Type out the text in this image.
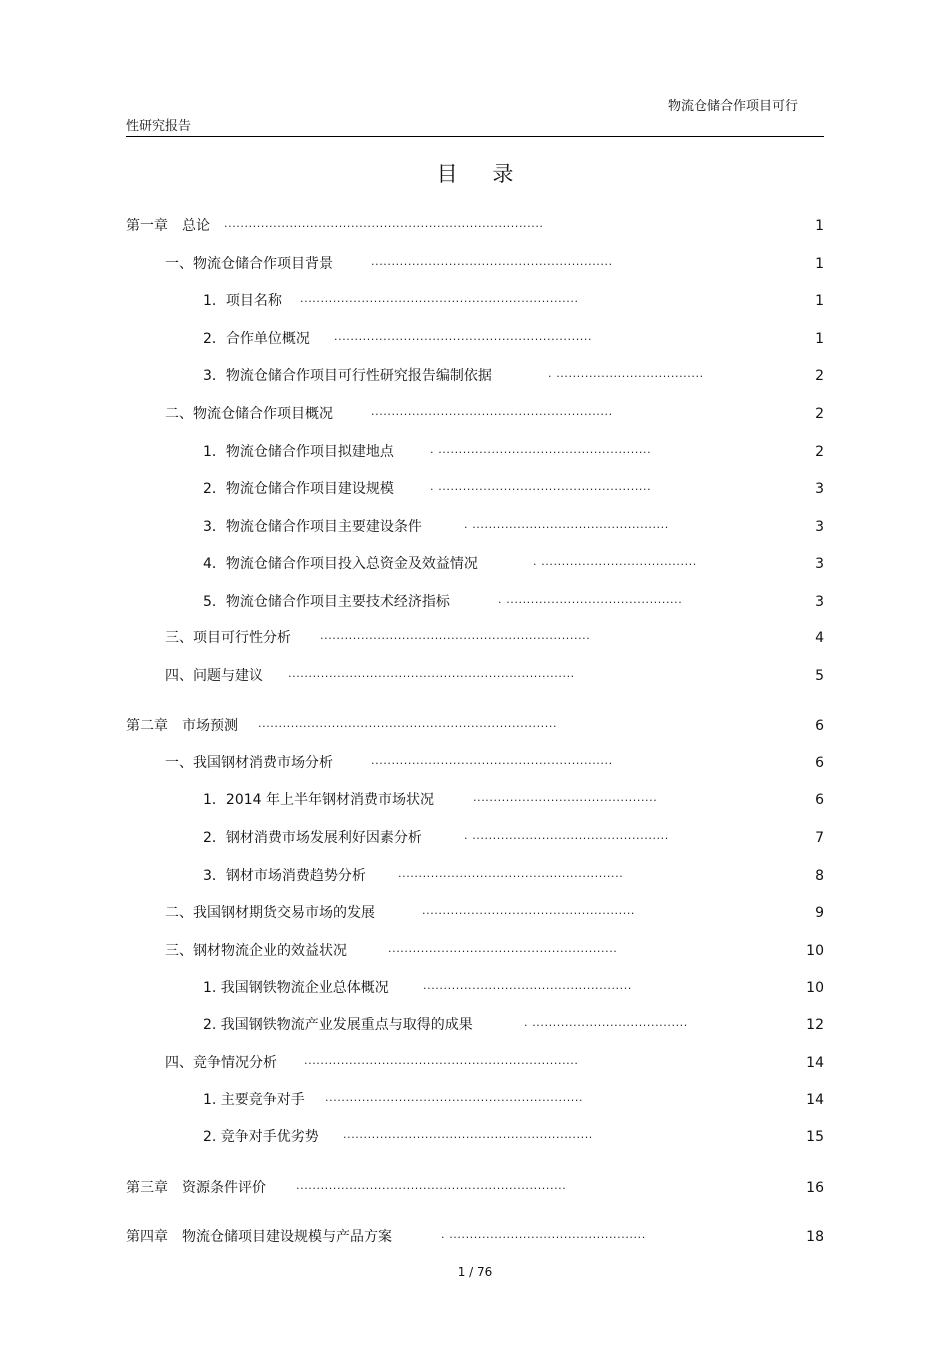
物流仓储合作项目可行
性研究报告
目 录
第一章　总论 ..............................................................................	1
一、物流仓储合作项目背景	...........................................................	1
1．项目名称 ....................................................................	1
2．合作单位概况 ...............................................................	1
3．物流仓储合作项目可行性研究报告编制依据	. ....................................	2
二、物流仓储合作项目概况	...........................................................	2
1．物流仓储合作项目拟建地点	. ....................................................	2
2．物流仓储合作项目建设规模	. ....................................................	3
3．物流仓储合作项目主要建设条件	. ................................................	3
4．物流仓储合作项目投入总资金及效益情况	. ......................................	3
5．物流仓储合作项目主要技术经济指标	. ...........................................	3
三、项目可行性分析	..................................................................	4
四、问题与建议 ......................................................................	5
第二章　市场预测 .........................................................................	6
一、我国钢材消费市场分析	...........................................................	6
1．2014 年上半年钢材消费市场状况	.............................................	6
2．钢材消费市场发展利好因素分析	. ................................................	7
3．钢材市场消费趋势分析	.......................................................	8
二、我国钢材期货交易市场的发展	....................................................	9
三、钢材物流企业的效益状况	........................................................	10
1. 我国钢铁物流企业总体概况	...................................................	10
2. 我国钢铁物流产业发展重点与取得的成果	. ......................................	12
四、竞争情况分析 ...................................................................	14
1. 主要竞争对手 ...............................................................	14
2. 竞争对手优劣势 .............................................................	15
第三章　资源条件评价	..................................................................	16
第四章　物流仓储项目建设规模与产品方案	. ................................................	18
1 / 76
